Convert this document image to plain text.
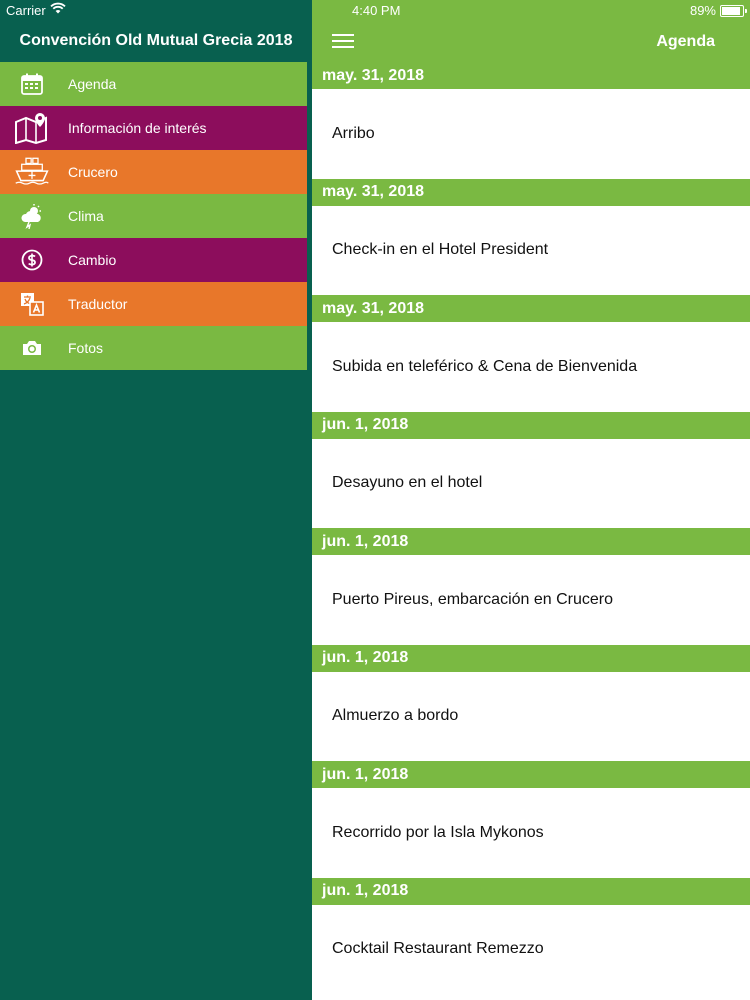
Carrier
Convención Old Mutual Grecia 2018
Agenda
Información de interés
Crucero
Clima
Cambio
Traductor
Fotos
4:40 PM	89%
Agenda
may. 31, 2018
Arribo
may. 31, 2018
Check-in en el Hotel President
may. 31, 2018
Subida en teleférico & Cena de Bienvenida
jun. 1, 2018
Desayuno en el hotel
jun. 1, 2018
Puerto Pireus, embarcación en Crucero
jun. 1, 2018
Almuerzo a bordo
jun. 1, 2018
Recorrido por la Isla Mykonos
jun. 1, 2018
Cocktail Restaurant Remezzo
